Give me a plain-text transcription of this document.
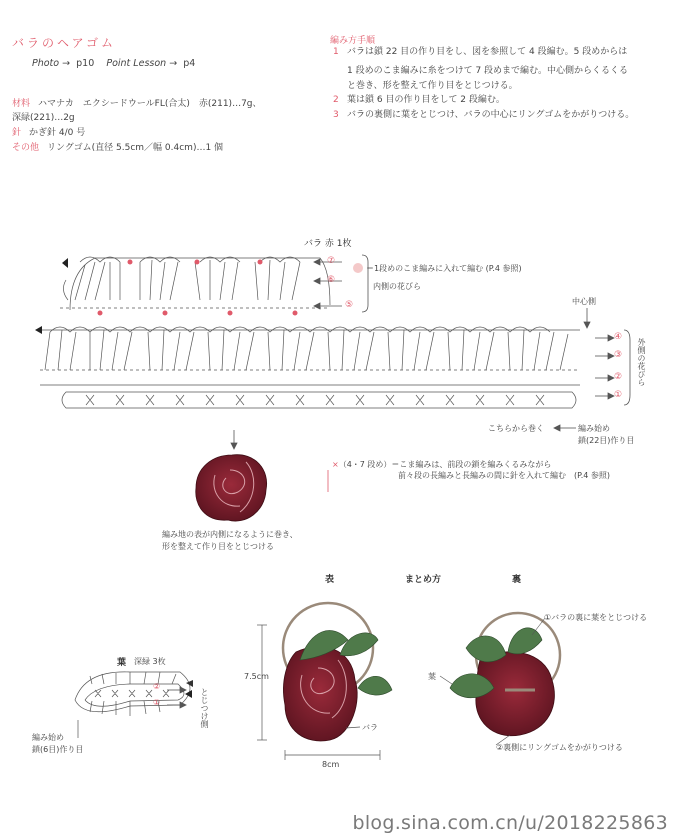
バラのヘアゴム
Photo → p10 Point Lesson → p4
材料 ハマナカ　エクシードウールFL(合太)　赤(211)…7g、
深緑(221)…2g
針 かぎ針 4/0 号
その他 リングゴム(直径 5.5cm／幅 0.4cm)…1 個
編み方手順
1 バラは鎖 22 目の作り目をし、図を参照して 4 段編む。5 段めからは
1 段めのこま編みに糸をつけて 7 段めまで編む。中心側からくるくる
と巻き、形を整えて作り目をとじつける。
2 葉は鎖 6 目の作り目をして 2 段編む。
3 バラの裏側に葉をとじつけ、バラの中心にリングゴムをかがりつける。
バラ 赤 1枚
⑦
⑥
⑤
＝1段めのこま編みに入れて編む (P.4 参照)
内側の花びら
中心側
④
③
②
①
外側の花びら
こちらから巻く	編み始め
鎖(22目)作り目
×（4・7 段め）＝こま編みは、前段の鎖を編みくるみながら
前々段の長編みと長編みの間に針を入れて編む　(P.4 参照)
編み地の表が内側になるように巻き、
形を整えて作り目をとじつける
表	まとめ方	裏
葉 深緑 3枚
②
①	とじつけ側
編み始め
鎖(6目)作り目
7.5cm
8cm
バラ
葉
①バラの裏に葉をとじつける
②裏側にリングゴムをかがりつける
blog.sina.com.cn/u/2018225863
